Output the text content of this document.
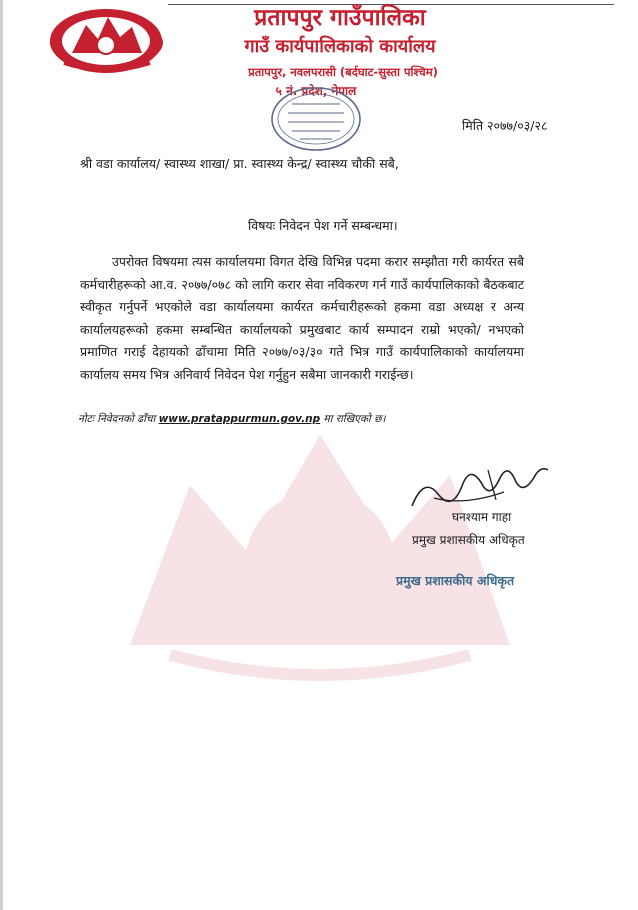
प्रतापपुर गाउँपालिका
गाउँ कार्यपालिकाको कार्यालय
प्रतापपुर, नवलपरासी (बर्दघाट-सुस्ता पश्चिम)
५ नं. प्रदेश, नेपाल
मिति २०७७/०३/२८
श्री वडा कार्यालय/ स्वास्थ्य शाखा/ प्रा. स्वास्थ्य केन्द्र/ स्वास्थ्य चौकी सबै,
विषयः निवेदन पेश गर्ने सम्बन्धमा।
उपरोक्त विषयमा त्यस कार्यालयमा विगत देखि विभिन्न पदमा करार सम्झौता गरी कार्यरत सबै कर्मचारीहरूको आ.व. २०७७/०७८ को लागि करार सेवा नविकरण गर्न गाउँ कार्यपालिकाको बैठकबाट स्वीकृत गर्नुपर्ने भएकोले वडा कार्यालयमा कार्यरत कर्मचारीहरूको हकमा वडा अध्यक्ष र अन्य कार्यालयहरूको हकमा सम्बन्धित कार्यालयको प्रमुखबाट कार्य सम्पादन राम्रो भएको/ नभएको प्रमाणित गराई देहायको ढाँचामा मिति २०७७/०३/३० गते भित्र गाउँ कार्यपालिकाको कार्यालयमा कार्यालय समय भित्र अनिवार्य निवेदन पेश गर्नुहुन सबैमा जानकारी गराईन्छ।
नोटः निवेदनको ढाँचा www.pratappurmun.gov.np मा राखिएको छ।
घनश्याम गाहा
प्रमुख प्रशासकीय अधिकृत
प्रमुख प्रशासकीय अधिकृत
